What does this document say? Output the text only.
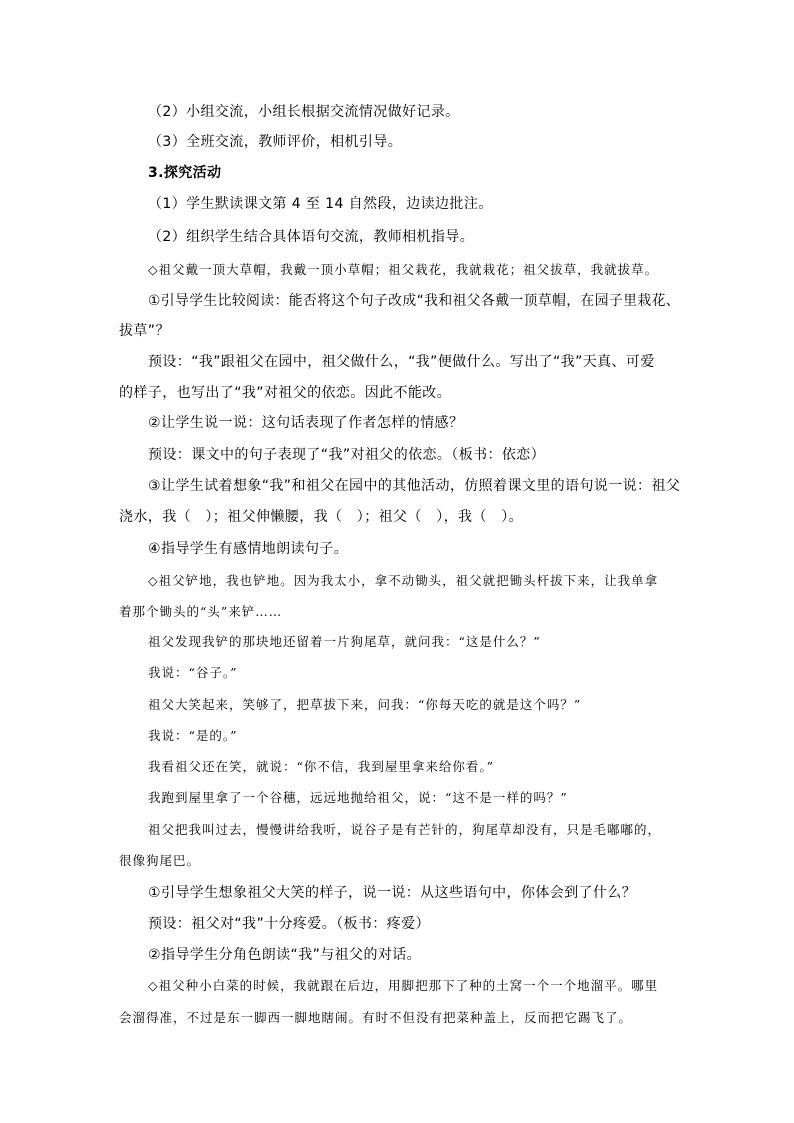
（2）小组交流，小组长根据交流情况做好记录。
（3）全班交流，教师评价，相机引导。
3.探究活动
（1）学生默读课文第 4 至 14 自然段，边读边批注。
（2）组织学生结合具体语句交流，教师相机指导。
◇祖父戴一顶大草帽，我戴一顶小草帽；祖父栽花，我就栽花；祖父拔草，我就拔草。
①引导学生比较阅读：能否将这个句子改成“我和祖父各戴一顶草帽，在园子里栽花、
拔草”？
预设：“我”跟祖父在园中，祖父做什么，“我”便做什么。写出了“我”天真、可爱
的样子，也写出了“我”对祖父的依恋。因此不能改。
②让学生说一说：这句话表现了作者怎样的情感？
预设：课文中的句子表现了“我”对祖父的依恋。（板书：依恋）
③让学生试着想象“我”和祖父在园中的其他活动，仿照着课文里的语句说一说：祖父
浇水，我（　）；祖父伸懒腰，我（　）；祖父（　），我（　）。
④指导学生有感情地朗读句子。
◇祖父铲地，我也铲地。因为我太小，拿不动锄头，祖父就把锄头杆拔下来，让我单拿
着那个锄头的“头”来铲……
祖父发现我铲的那块地还留着一片狗尾草，就问我：“这是什么？”
我说：“谷子。”
祖父大笑起来，笑够了，把草拔下来，问我：“你每天吃的就是这个吗？”
我说：“是的。”
我看祖父还在笑，就说：“你不信，我到屋里拿来给你看。”
我跑到屋里拿了一个谷穗，远远地抛给祖父，说：“这不是一样的吗？”
祖父把我叫过去，慢慢讲给我听，说谷子是有芒针的，狗尾草却没有，只是毛嘟嘟的，
很像狗尾巴。
①引导学生想象祖父大笑的样子，说一说：从这些语句中，你体会到了什么？
预设：祖父对“我”十分疼爱。（板书：疼爱）
②指导学生分角色朗读“我”与祖父的对话。
◇祖父种小白菜的时候，我就跟在后边，用脚把那下了种的土窝一个一个地溜平。哪里
会溜得准，不过是东一脚西一脚地瞎闹。有时不但没有把菜种盖上，反而把它踢飞了。
